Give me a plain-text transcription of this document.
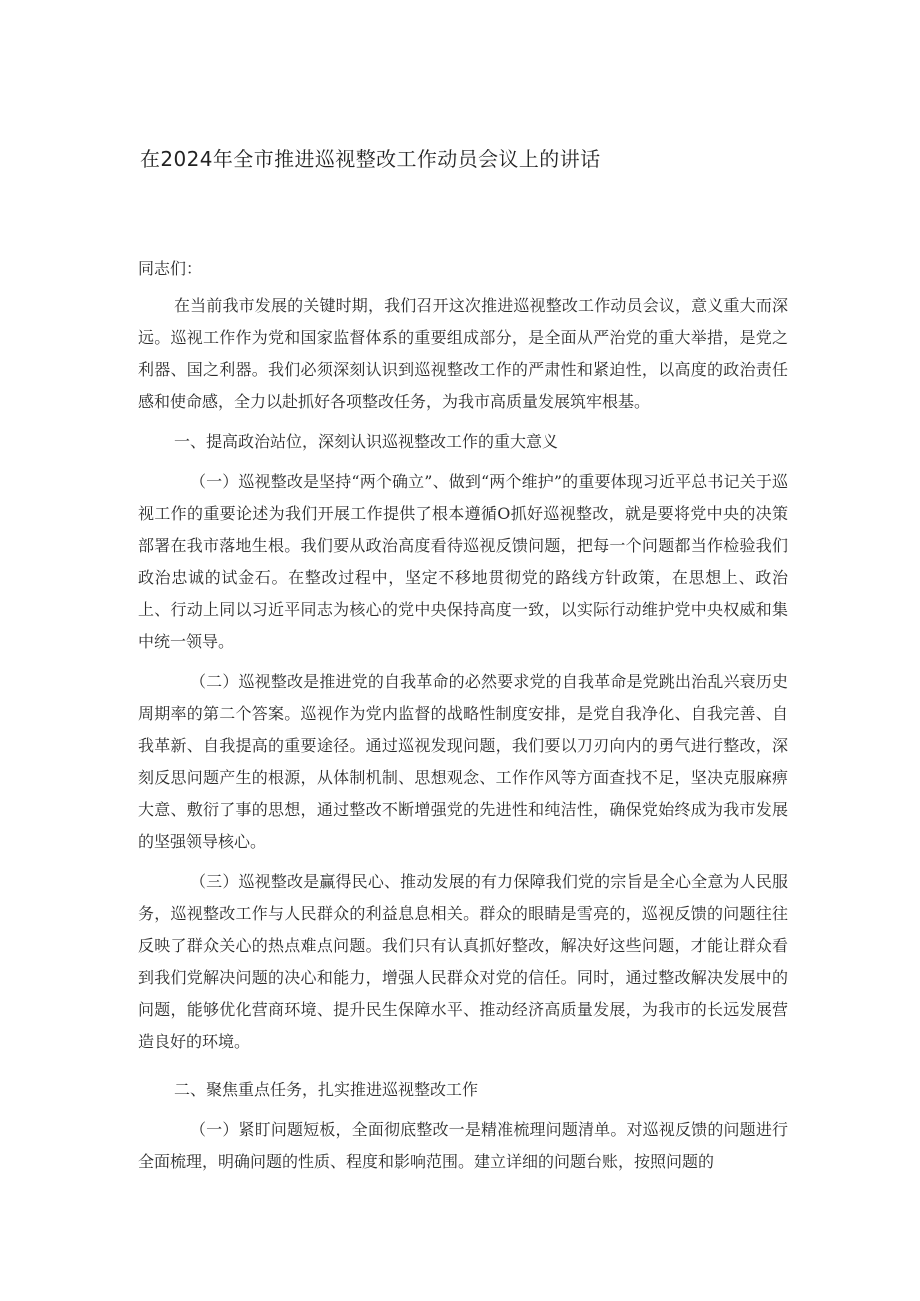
在2024年全市推进巡视整改工作动员会议上的讲话

同志们：

在当前我市发展的关键时期，我们召开这次推进巡视整改工作动员会议，意义重大而深远。巡视工作作为党和国家监督体系的重要组成部分，是全面从严治党的重大举措，是党之利器、国之利器。我们必须深刻认识到巡视整改工作的严肃性和紧迫性，以高度的政治责任感和使命感，全力以赴抓好各项整改任务，为我市高质量发展筑牢根基。

一、提高政治站位，深刻认识巡视整改工作的重大意义

（一）巡视整改是坚持“两个确立”、做到“两个维护”的重要体现习近平总书记关于巡视工作的重要论述为我们开展工作提供了根本遵循O抓好巡视整改，就是要将党中央的决策部署在我市落地生根。我们要从政治高度看待巡视反馈问题，把每一个问题都当作检验我们政治忠诚的试金石。在整改过程中，坚定不移地贯彻党的路线方针政策，在思想上、政治上、行动上同以习近平同志为核心的党中央保持高度一致，以实际行动维护党中央权威和集中统一领导。

（二）巡视整改是推进党的自我革命的必然要求党的自我革命是党跳出治乱兴衰历史周期率的第二个答案。巡视作为党内监督的战略性制度安排，是党自我净化、自我完善、自我革新、自我提高的重要途径。通过巡视发现问题，我们要以刀刃向内的勇气进行整改，深刻反思问题产生的根源，从体制机制、思想观念、工作作风等方面查找不足，坚决克服麻痹大意、敷衍了事的思想，通过整改不断增强党的先进性和纯洁性，确保党始终成为我市发展的坚强领导核心。

（三）巡视整改是赢得民心、推动发展的有力保障我们党的宗旨是全心全意为人民服务，巡视整改工作与人民群众的利益息息相关。群众的眼睛是雪亮的，巡视反馈的问题往往反映了群众关心的热点难点问题。我们只有认真抓好整改，解决好这些问题，才能让群众看到我们党解决问题的决心和能力，增强人民群众对党的信任。同时，通过整改解决发展中的问题，能够优化营商环境、提升民生保障水平、推动经济高质量发展，为我市的长远发展营造良好的环境。

二、聚焦重点任务，扎实推进巡视整改工作

（一）紧盯问题短板，全面彻底整改一是精准梳理问题清单。对巡视反馈的问题进行全面梳理，明确问题的性质、程度和影响范围。建立详细的问题台账，按照问题的
